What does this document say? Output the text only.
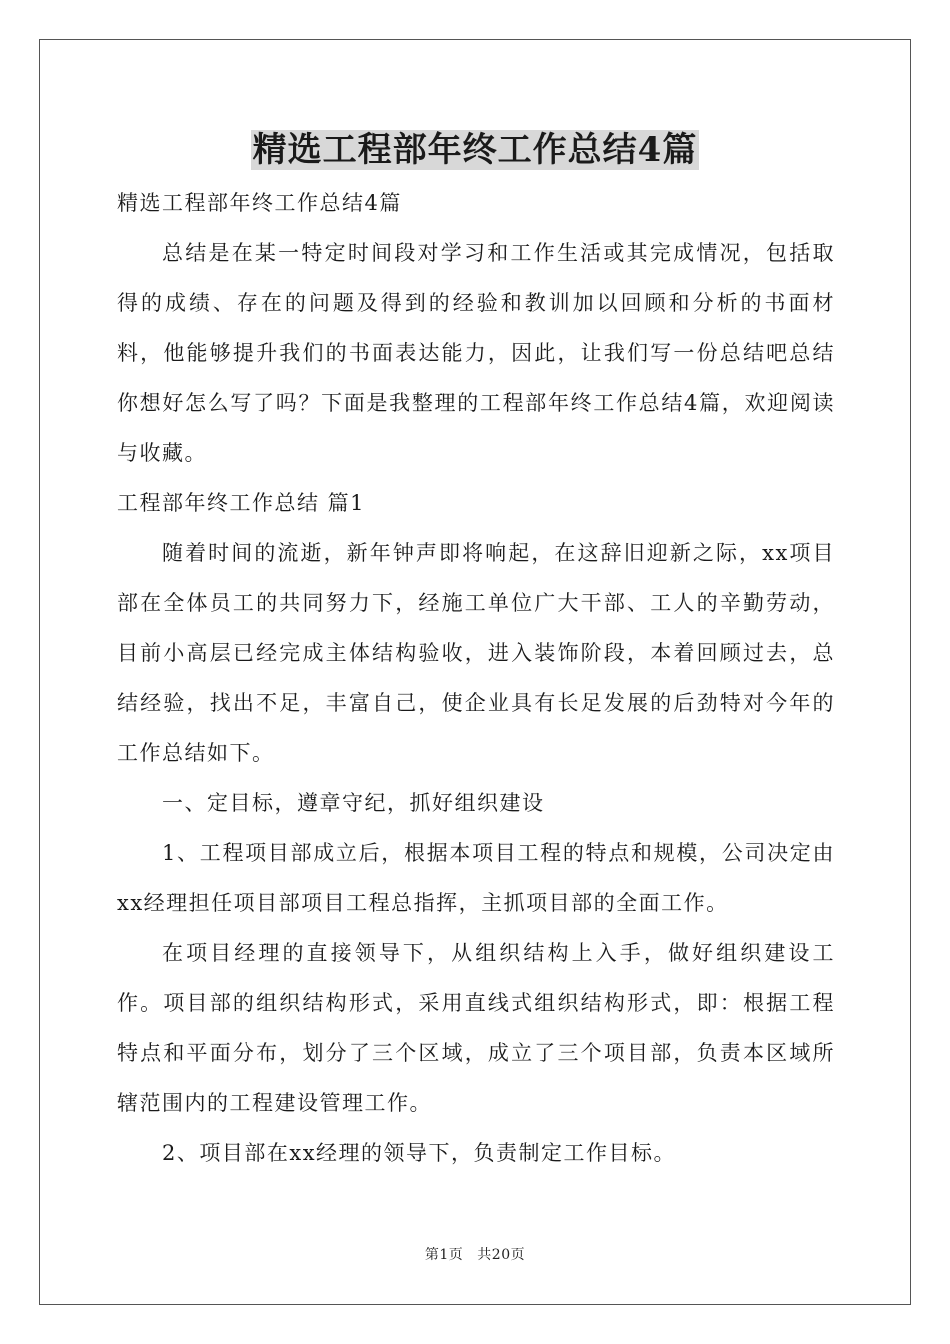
精选工程部年终工作总结4篇

精选工程部年终工作总结4篇

总结是在某一特定时间段对学习和工作生活或其完成情况，包括取得的成绩、存在的问题及得到的经验和教训加以回顾和分析的书面材料，他能够提升我们的书面表达能力，因此，让我们写一份总结吧总结你想好怎么写了吗？下面是我整理的工程部年终工作总结4篇，欢迎阅读与收藏。

工程部年终工作总结 篇1

随着时间的流逝，新年钟声即将响起，在这辞旧迎新之际，xx项目部在全体员工的共同努力下，经施工单位广大干部、工人的辛勤劳动，目前小高层已经完成主体结构验收，进入装饰阶段，本着回顾过去，总结经验，找出不足，丰富自己，使企业具有长足发展的后劲特对今年的工作总结如下。

一、定目标，遵章守纪，抓好组织建设

1、工程项目部成立后，根据本项目工程的特点和规模，公司决定由xx经理担任项目部项目工程总指挥，主抓项目部的全面工作。

在项目经理的直接领导下，从组织结构上入手，做好组织建设工作。项目部的组织结构形式，采用直线式组织结构形式，即：根据工程特点和平面分布，划分了三个区域，成立了三个项目部，负责本区域所辖范围内的工程建设管理工作。

2、项目部在xx经理的领导下，负责制定工作目标。

第1页 共20页
